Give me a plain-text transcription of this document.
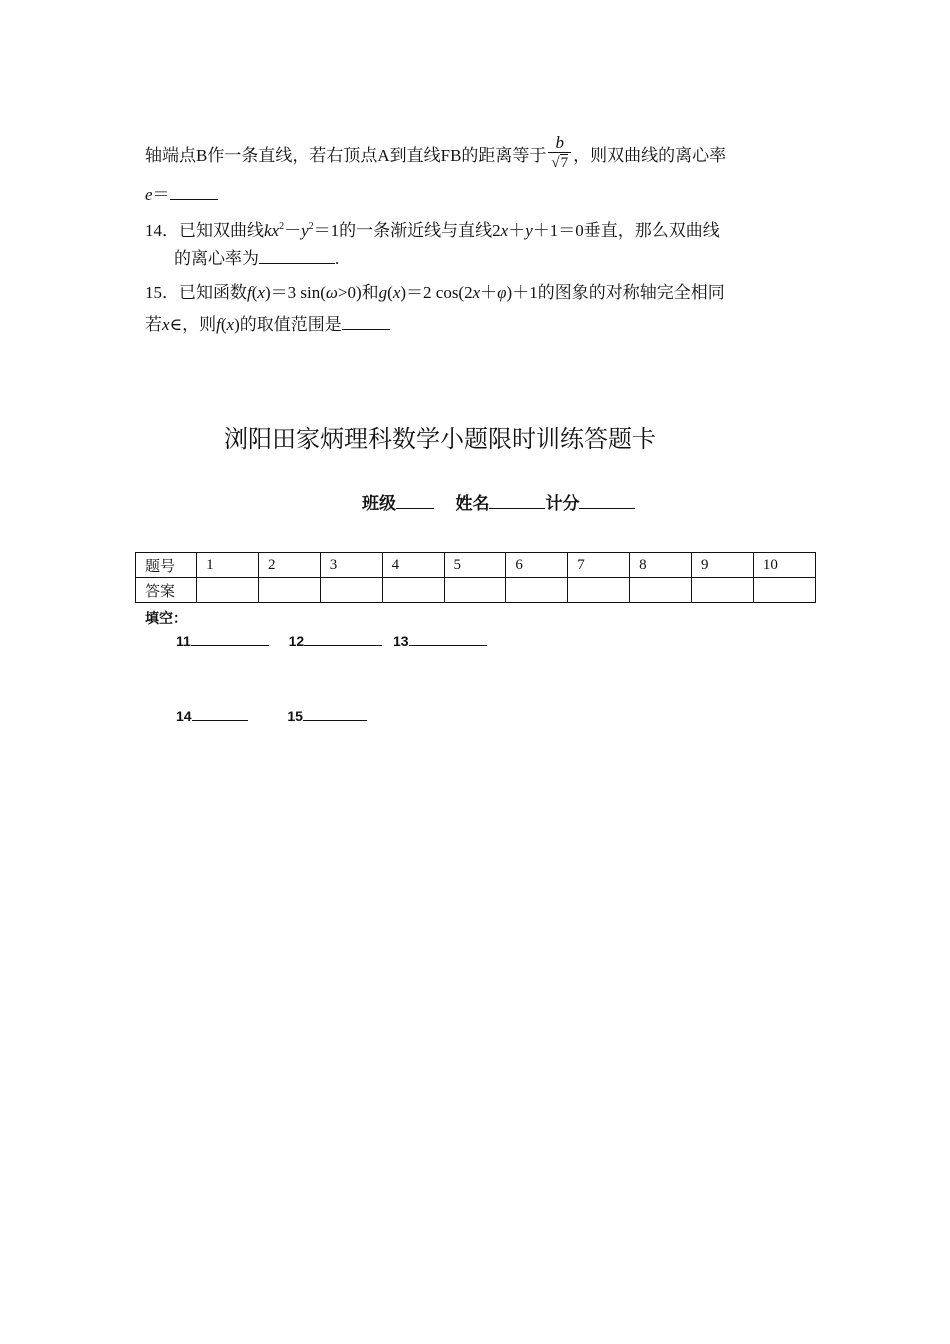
轴端点B作一条直线，若右顶点A到直线FB的距离等于 $\frac{b}{√7}$ ，则双曲线的离心率
e＝
14．已知双曲线$kx^2-y^2=1$的一条渐近线与直线2x＋y＋1＝0垂直，那么双曲线
的离心率为	.
15．已知函数f(x)＝3 sin(ω>0)和g(x)＝2 cos(2x＋φ)＋1的图象的对称轴完全相同
若x∈，则f(x)的取值范围是
浏阳田家炳理科数学小题限时训练答题卡
班级	姓名	计分
题号	1	2	3	4	5	6	7	8	9	10
答案										
填空：
11	12	13
14	15
